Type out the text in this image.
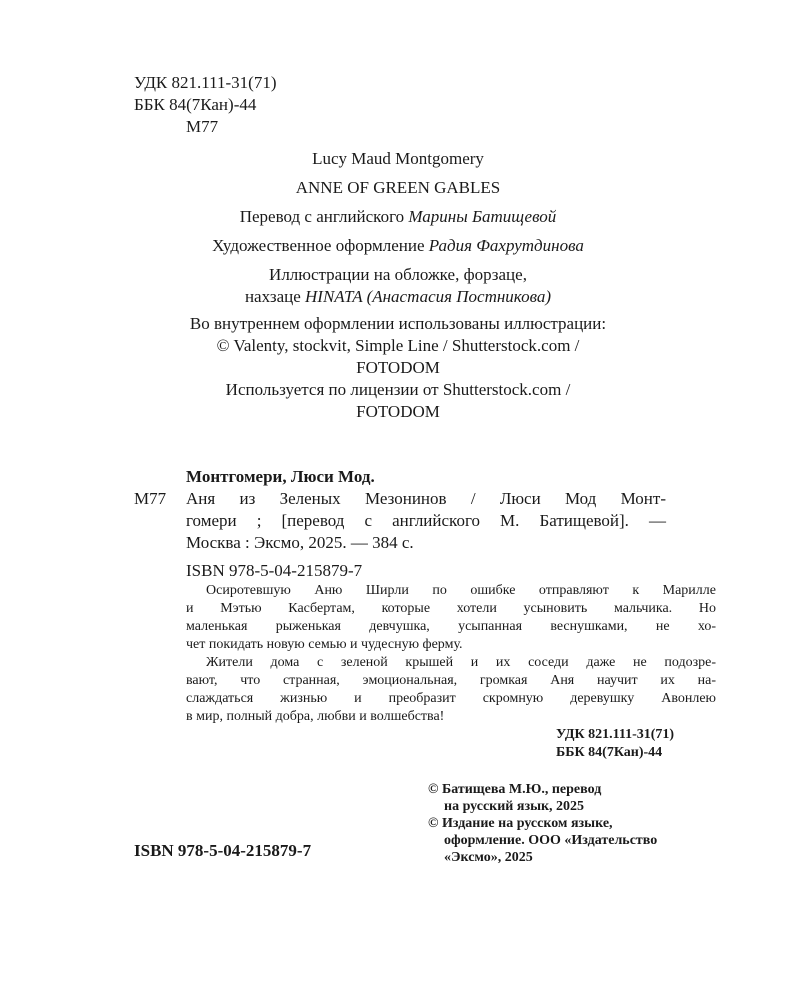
УДК 821.111-31(71)
ББК 84(7Кан)-44
М77
Lucy Maud Montgomery
ANNE OF GREEN GABLES
Перевод с английского Марины Батищевой
Художественное оформление Радия Фахрутдинова
Иллюстрации на обложке, форзаце,
нахзаце HINATA (Анастасия Постникова)
Во внутреннем оформлении использованы иллюстрации:
© Valenty, stockvit, Simple Line / Shutterstock.com /
FOTODOM
Используется по лицензии от Shutterstock.com /
FOTODOM
Монтгомери, Люси Мод.
М77	Аня из Зеленых Мезонинов / Люси Мод Монт-
гомери ; [перевод с английского М. Батищевой]. —
Москва : Эксмо, 2025. — 384 с.
ISBN 978-5-04-215879-7
Осиротевшую Аню Ширли по ошибке отправляют к Марилле
и Мэтью Касбертам, которые хотели усыновить мальчика. Но
маленькая рыженькая девчушка, усыпанная веснушками, не хо-
чет покидать новую семью и чудесную ферму.
Жители дома с зеленой крышей и их соседи даже не подозре-
вают, что странная, эмоциональная, громкая Аня научит их на-
слаждаться жизнью и преобразит скромную деревушку Авонлею
в мир, полный добра, любви и волшебства!
УДК 821.111-31(71)
ББК 84(7Кан)-44
© Батищева М.Ю., перевод
на русский язык, 2025
© Издание на русском языке,
оформление. ООО «Издательство
«Эксмо», 2025
ISBN 978-5-04-215879-7
